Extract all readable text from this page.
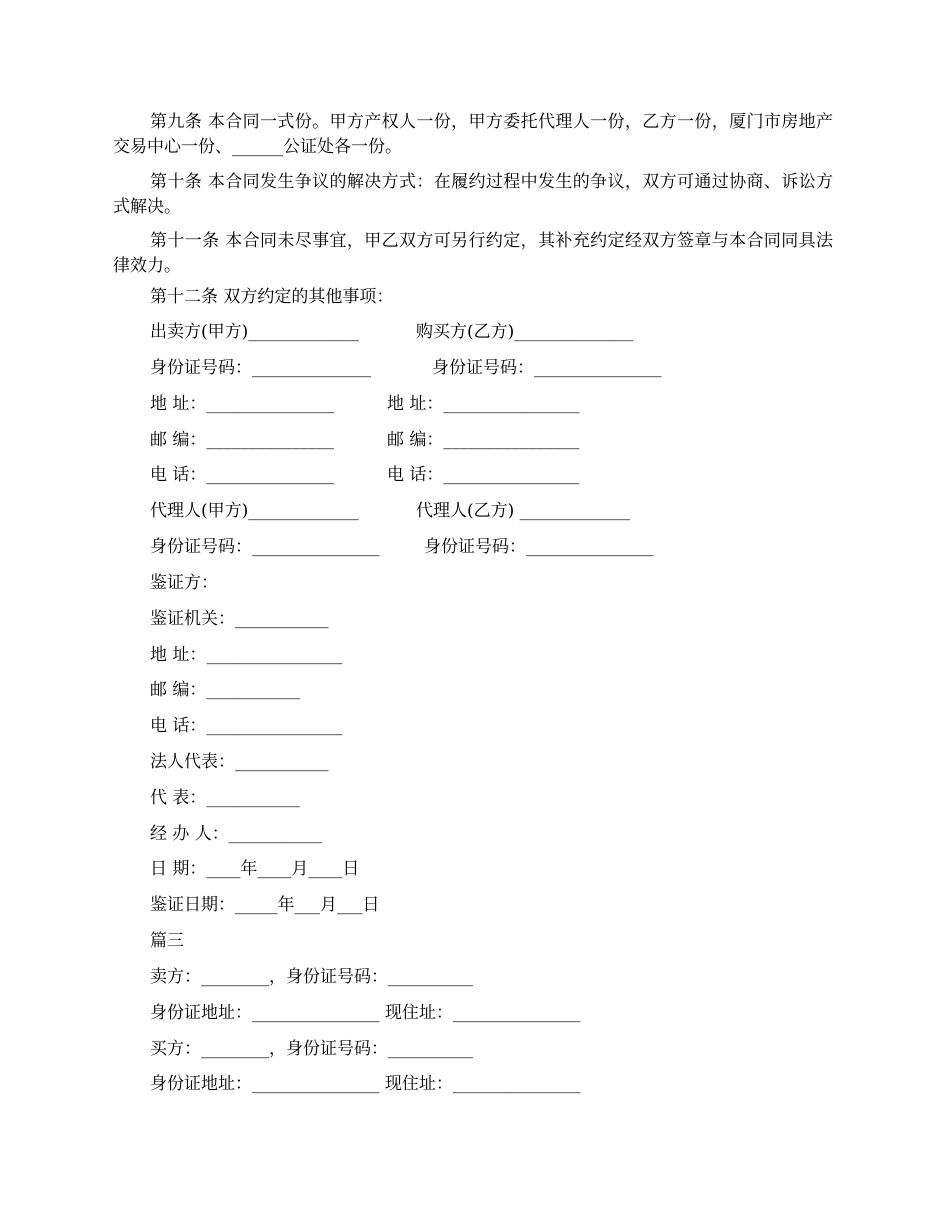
第九条 本合同一式份。甲方产权人一份，甲方委托代理人一份，乙方一份，厦门市房地产交易中心一份、______公证处各一份。

第十条 本合同发生争议的解决方式：在履约过程中发生的争议，双方可通过协商、诉讼方式解决。

第十一条 本合同未尽事宜，甲乙双方可另行约定，其补充约定经双方签章与本合同同具法律效力。

第十二条 双方约定的其他事项：
出卖方(甲方)_____________	购买方(乙方)______________
身份证号码：______________	身份证号码：_______________
地 址：_______________	地 址：________________
邮 编：_______________	邮 编：________________
电 话：_______________	电 话：________________
代理人(甲方)_____________	代理人(乙方) _____________
身份证号码：_______________	身份证号码：_______________
鉴证方：
鉴证机关：___________
地 址：________________
邮 编：___________
电 话：________________
法人代表：___________
代 表：___________
经 办 人：___________
日 期：____年____月____日
鉴证日期：_____年___月___日
篇三
卖方：________，身份证号码：__________
身份证地址：_______________ 现住址：_______________
买方：________，身份证号码：__________
身份证地址：_______________ 现住址：_______________
